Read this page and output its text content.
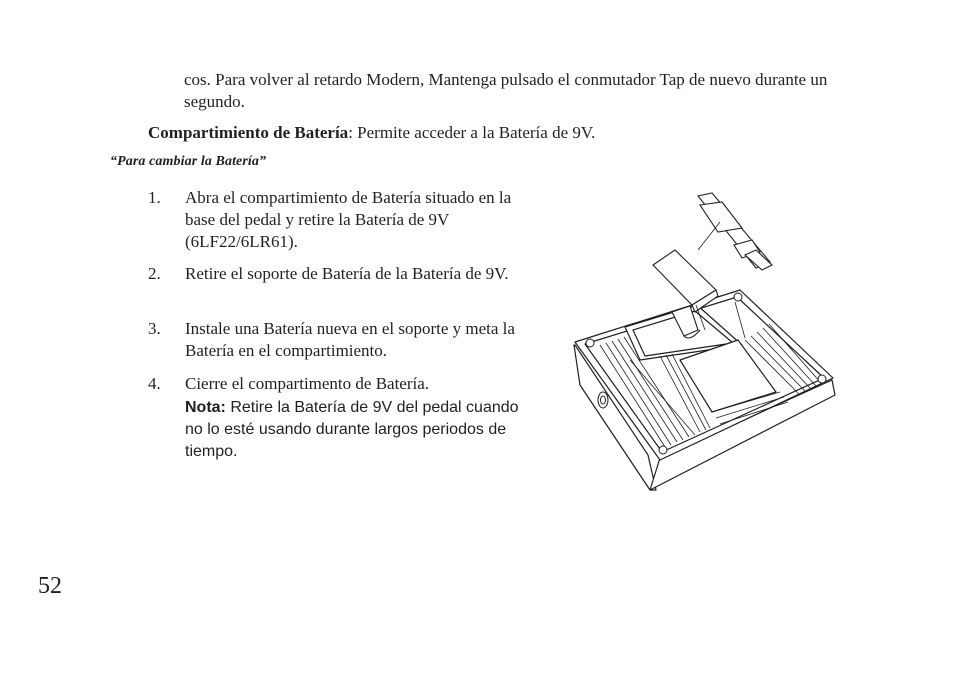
cos. Para volver al retardo Modern, Mantenga pulsado el conmutador Tap de nuevo durante un segundo.
Compartimiento de Batería: Permite acceder a la Batería de 9V.
“Para cambiar la Batería”
1. Abra el compartimiento de Batería situado en la base del pedal y retire la Batería de 9V (6LF22/6LR61).
2. Retire el soporte de Batería de la Batería de 9V.
3. Instale una Batería nueva en el soporte y meta la Batería en el compartimiento.
4. Cierre el compartimento de Batería.
Nota: Retire la Batería de 9V del pedal cuando no lo esté usando durante largos periodos de tiempo.
52
